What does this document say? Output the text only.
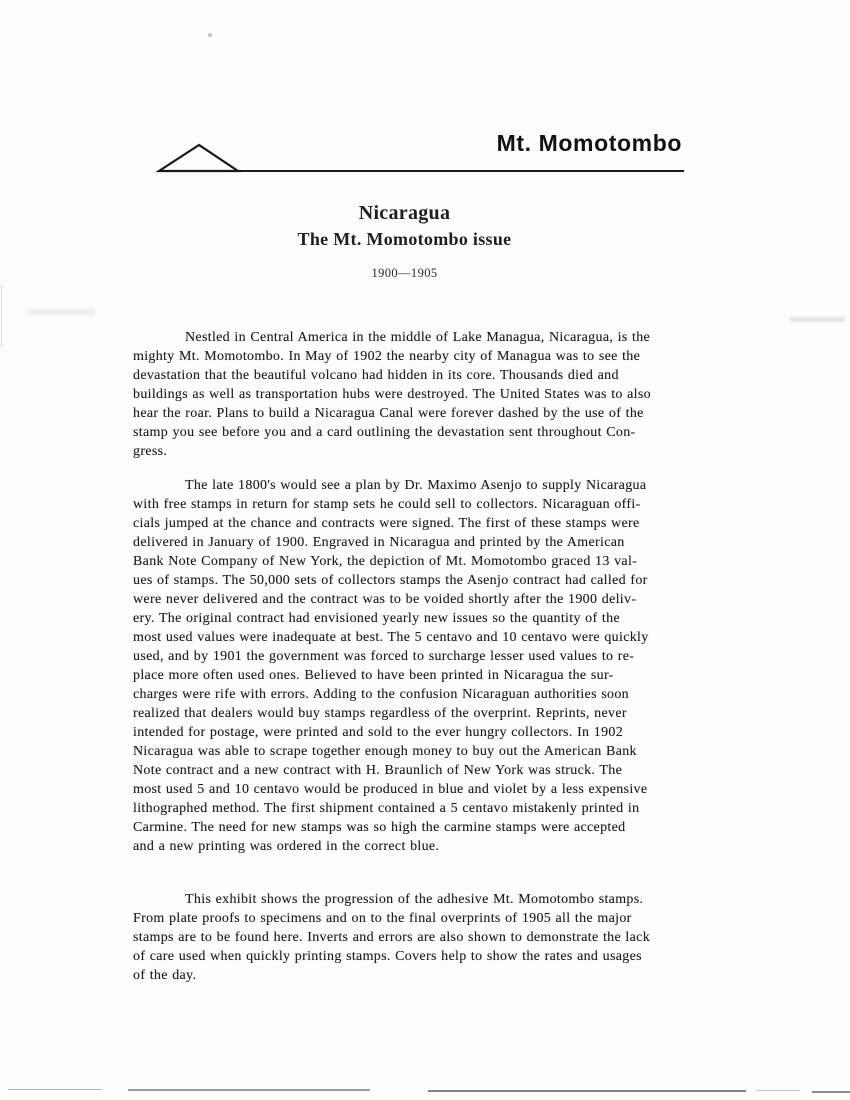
Mt. Momotombo
Nicaragua
The Mt. Momotombo issue
1900—1905
Nestled in Central America in the middle of Lake Managua, Nicaragua, is the
mighty Mt. Momotombo. In May of 1902 the nearby city of Managua was to see the
devastation that the beautiful volcano had hidden in its core. Thousands died and
buildings as well as transportation hubs were destroyed. The United States was to also
hear the roar. Plans to build a Nicaragua Canal were forever dashed by the use of the
stamp you see before you and a card outlining the devastation sent throughout Con-
gress.
The late 1800's would see a plan by Dr. Maximo Asenjo to supply Nicaragua
with free stamps in return for stamp sets he could sell to collectors. Nicaraguan offi-
cials jumped at the chance and contracts were signed. The first of these stamps were
delivered in January of 1900. Engraved in Nicaragua and printed by the American
Bank Note Company of New York, the depiction of Mt. Momotombo graced 13 val-
ues of stamps. The 50,000 sets of collectors stamps the Asenjo contract had called for
were never delivered and the contract was to be voided shortly after the 1900 deliv-
ery. The original contract had envisioned yearly new issues so the quantity of the
most used values were inadequate at best. The 5 centavo and 10 centavo were quickly
used, and by 1901 the government was forced to surcharge lesser used values to re-
place more often used ones. Believed to have been printed in Nicaragua the sur-
charges were rife with errors. Adding to the confusion Nicaraguan authorities soon
realized that dealers would buy stamps regardless of the overprint. Reprints, never
intended for postage, were printed and sold to the ever hungry collectors. In 1902
Nicaragua was able to scrape together enough money to buy out the American Bank
Note contract and a new contract with H. Braunlich of New York was struck. The
most used 5 and 10 centavo would be produced in blue and violet by a less expensive
lithographed method. The first shipment contained a 5 centavo mistakenly printed in
Carmine. The need for new stamps was so high the carmine stamps were accepted
and a new printing was ordered in the correct blue.
This exhibit shows the progression of the adhesive Mt. Momotombo stamps.
From plate proofs to specimens and on to the final overprints of 1905 all the major
stamps are to be found here. Inverts and errors are also shown to demonstrate the lack
of care used when quickly printing stamps. Covers help to show the rates and usages
of the day.
